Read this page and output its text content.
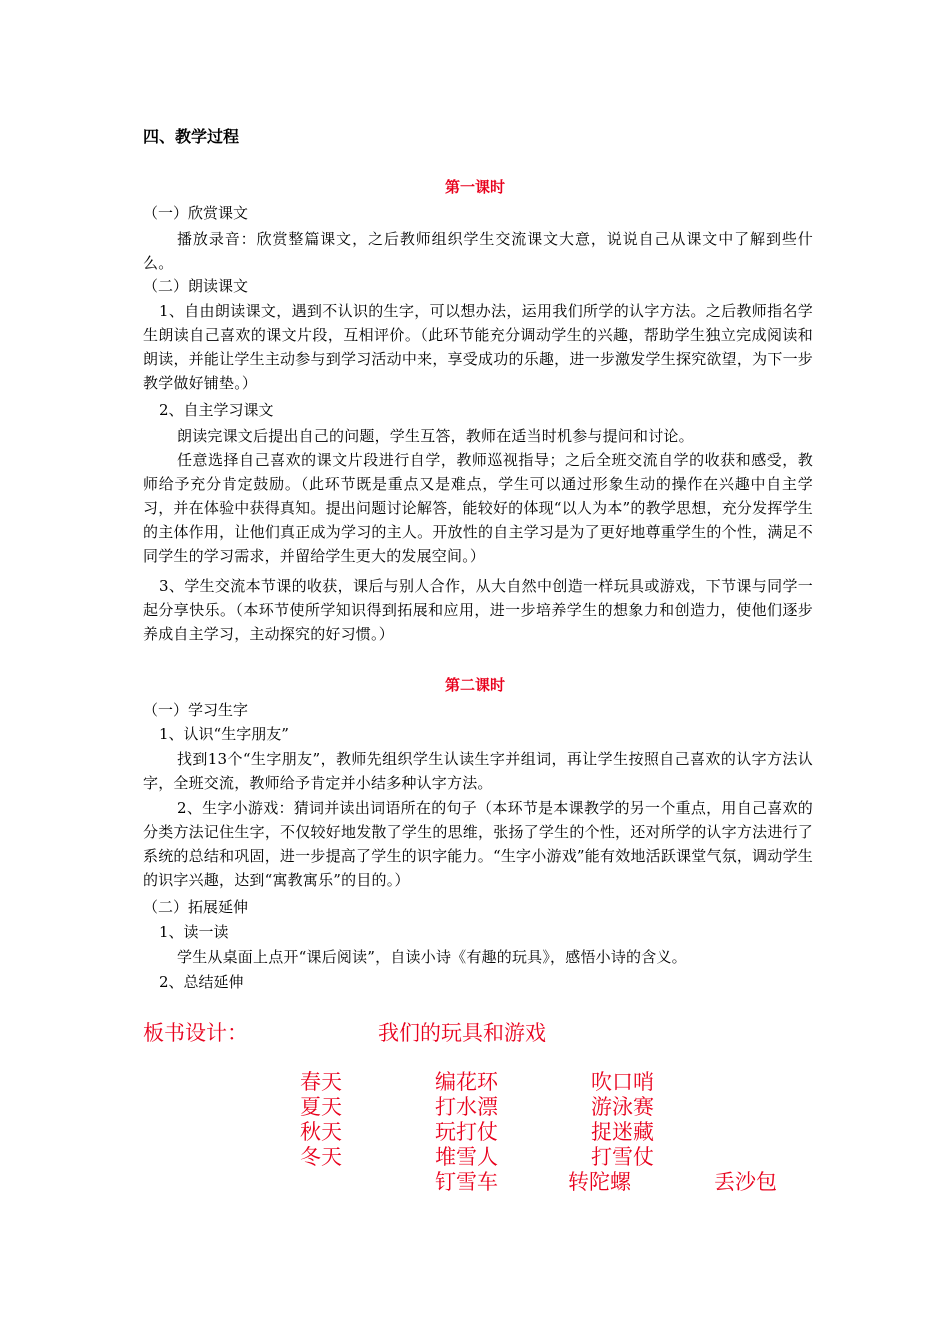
四、教学过程
第一课时
（一）欣赏课文
播放录音：欣赏整篇课文，之后教师组织学生交流课文大意，说说自己从课文中了解到些什么。
（二）朗读课文
1、自由朗读课文，遇到不认识的生字，可以想办法，运用我们所学的认字方法。之后教师指名学生朗读自己喜欢的课文片段，互相评价。（此环节能充分调动学生的兴趣，帮助学生独立完成阅读和朗读，并能让学生主动参与到学习活动中来，享受成功的乐趣，进一步激发学生探究欲望，为下一步教学做好铺垫。）
2、自主学习课文
朗读完课文后提出自己的问题，学生互答，教师在适当时机参与提问和讨论。
任意选择自己喜欢的课文片段进行自学，教师巡视指导；之后全班交流自学的收获和感受，教师给予充分肯定鼓励。（此环节既是重点又是难点，学生可以通过形象生动的操作在兴趣中自主学习，并在体验中获得真知。提出问题讨论解答，能较好的体现“以人为本”的教学思想，充分发挥学生的主体作用，让他们真正成为学习的主人。开放性的自主学习是为了更好地尊重学生的个性，满足不同学生的学习需求，并留给学生更大的发展空间。）
3、学生交流本节课的收获，课后与别人合作，从大自然中创造一样玩具或游戏，下节课与同学一起分享快乐。（本环节使所学知识得到拓展和应用，进一步培养学生的想象力和创造力，使他们逐步养成自主学习，主动探究的好习惯。）
第二课时
（一）学习生字
1、认识“生字朋友”
找到13个“生字朋友”，教师先组织学生认读生字并组词，再让学生按照自己喜欢的认字方法认字，全班交流，教师给予肯定并小结多种认字方法。
2、生字小游戏：猜词并读出词语所在的句子（本环节是本课教学的另一个重点，用自己喜欢的分类方法记住生字，不仅较好地发散了学生的思维，张扬了学生的个性，还对所学的认字方法进行了系统的总结和巩固，进一步提高了学生的识字能力。“生字小游戏”能有效地活跃课堂气氛，调动学生的识字兴趣，达到“寓教寓乐”的目的。）
（二）拓展延伸
1、读一读
学生从桌面上点开“课后阅读”，自读小诗《有趣的玩具》，感悟小诗的含义。
2、总结延伸
板书设计：	我们的玩具和游戏
春天
夏天
秋天
冬天
编花环
打水漂
玩打仗
堆雪人
钉雪车
吹口哨
游泳赛
捉迷藏
打雪仗
转陀螺	丢沙包
